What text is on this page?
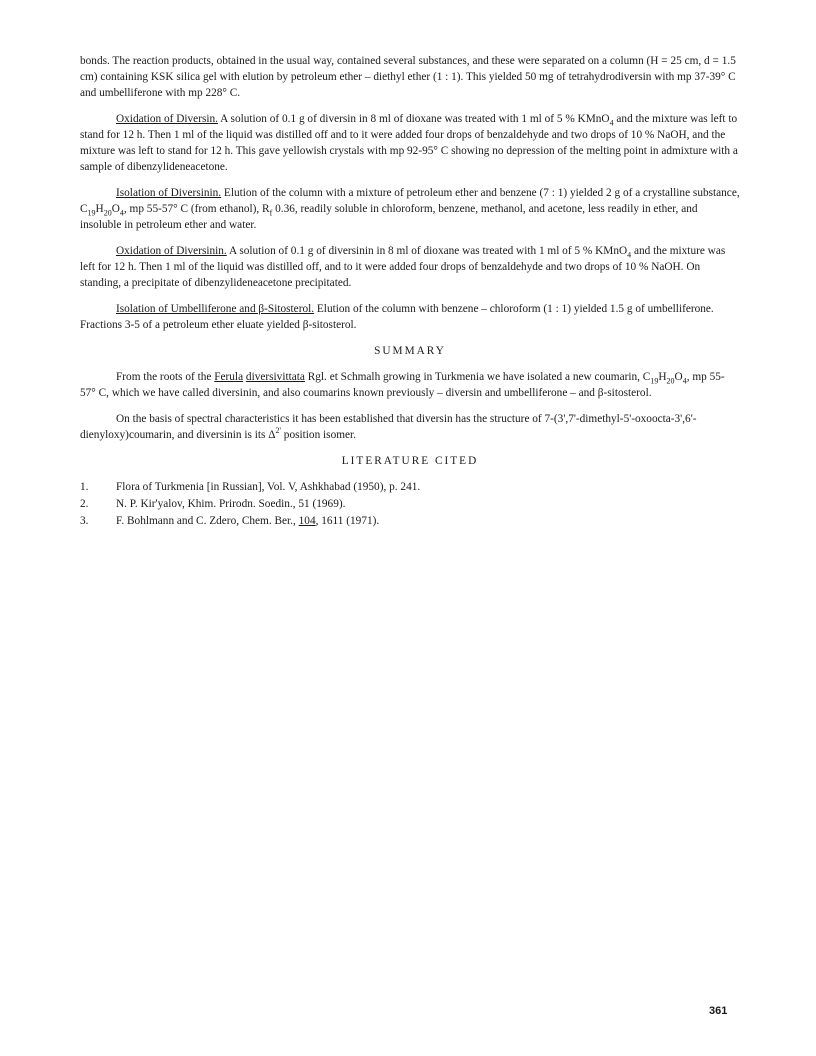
bonds. The reaction products, obtained in the usual way, contained several substances, and these were separated on a column (H = 25 cm, d = 1.5 cm) containing KSK silica gel with elution by petroleum ether – diethyl ether (1 : 1). This yielded 50 mg of tetrahydrodiversin with mp 37-39° C and umbelliferone with mp 228° C.

Oxidation of Diversin. A solution of 0.1 g of diversin in 8 ml of dioxane was treated with 1 ml of 5 % KMnO$_4$ and the mixture was left to stand for 12 h. Then 1 ml of the liquid was distilled off and to it were added four drops of benzaldehyde and two drops of 10 % NaOH, and the mixture was left to stand for 12 h. This gave yellowish crystals with mp 92-95° C showing no depression of the melting point in admixture with a sample of dibenzylideneacetone.

Isolation of Diversinin. Elution of the column with a mixture of petroleum ether and benzene (7 : 1) yielded 2 g of a crystalline substance, $C_{19}H_{20}O_4$, mp 55-57° C (from ethanol), $R_f$ 0.36, readily soluble in chloroform, benzene, methanol, and acetone, less readily in ether, and insoluble in petroleum ether and water.

Oxidation of Diversinin. A solution of 0.1 g of diversinin in 8 ml of dioxane was treated with 1 ml of 5 % KMnO$_4$ and the mixture was left for 12 h. Then 1 ml of the liquid was distilled off, and to it were added four drops of benzaldehyde and two drops of 10 % NaOH. On standing, a precipitate of dibenzylideneacetone precipitated.

Isolation of Umbelliferone and β-Sitosterol. Elution of the column with benzene – chloroform (1 : 1) yielded 1.5 g of umbelliferone. Fractions 3-5 of a petroleum ether eluate yielded β-sitosterol.

SUMMARY

From the roots of the Ferula diversivittata Rgl. et Schmalh growing in Turkmenia we have isolated a new coumarin, $C_{19}H_{20}O_4$, mp 55-57° C, which we have called diversinin, and also coumarins known previously – diversin and umbelliferone – and β-sitosterol.

On the basis of spectral characteristics it has been established that diversin has the structure of 7-(3',7'-dimethyl-5'-oxoocta-3',6'-dienyloxy)coumarin, and diversinin is its $\Delta^{2'}$ position isomer.

LITERATURE CITED
1.	Flora of Turkmenia [in Russian], Vol. V, Ashkhabad (1950), p. 241.
2.	N. P. Kir'yalov, Khim. Prirodn. Soedin., 51 (1969).
3.	F. Bohlmann and C. Zdero, Chem. Ber., 104, 1611 (1971).
361
